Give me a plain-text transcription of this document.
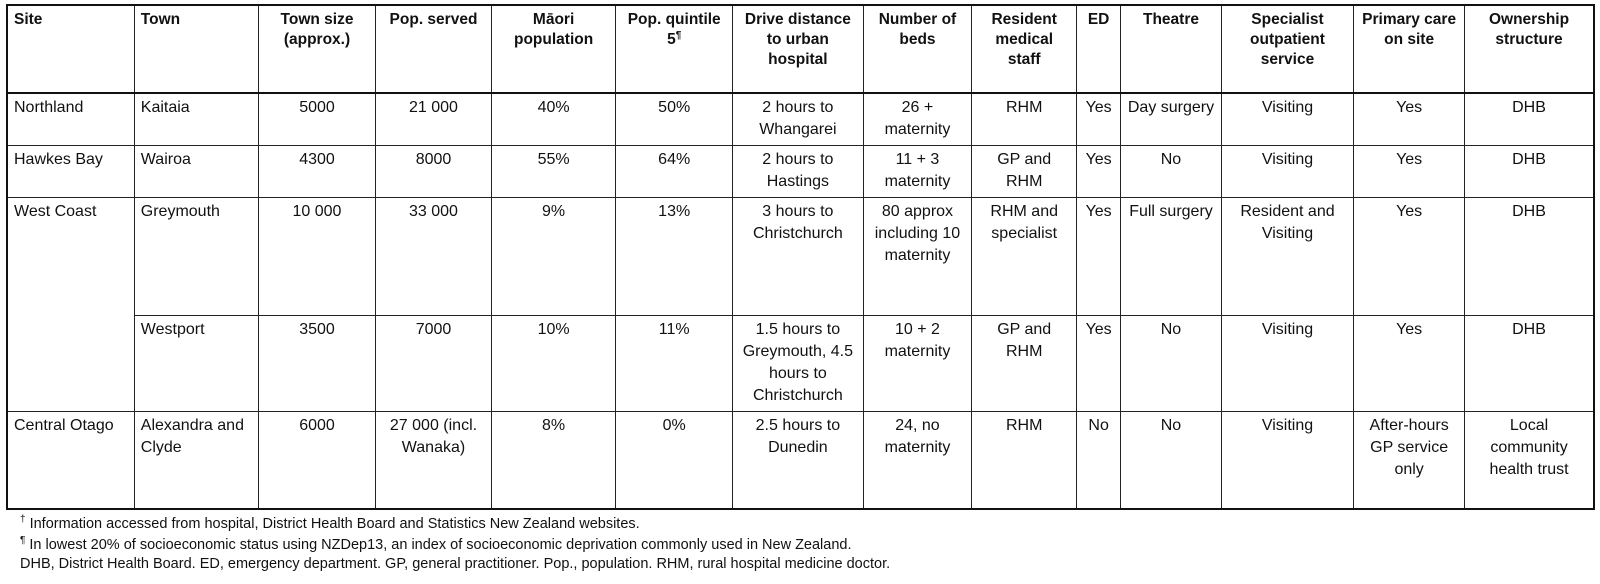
Site	Town	Town size (approx.)	Pop. served	Māori population	Pop. quintile 5¶	Drive distance to urban hospital	Number of beds	Resident medical staff	ED	Theatre	Specialist outpatient service	Primary care on site	Ownership structure
Northland	Kaitaia	5000	21 000	40%	50%	2 hours to Whangarei	26 + maternity	RHM	Yes	Day surgery	Visiting	Yes	DHB
Hawkes Bay	Wairoa	4300	8000	55%	64%	2 hours to Hastings	11 + 3 maternity	GP and RHM	Yes	No	Visiting	Yes	DHB
West Coast	Greymouth	10 000	33 000	9%	13%	3 hours to Christchurch	80 approx including 10 maternity	RHM and specialist	Yes	Full surgery	Resident and Visiting	Yes	DHB
	Westport	3500	7000	10%	11%	1.5 hours to Greymouth, 4.5 hours to Christchurch	10 + 2 maternity	GP and RHM	Yes	No	Visiting	Yes	DHB
Central Otago	Alexandra and Clyde	6000	27 000 (incl. Wanaka)	8%	0%	2.5 hours to Dunedin	24, no maternity	RHM	No	No	Visiting	After-hours GP service only	Local community health trust
† Information accessed from hospital, District Health Board and Statistics New Zealand websites.
¶ In lowest 20% of socioeconomic status using NZDep13, an index of socioeconomic deprivation commonly used in New Zealand.
DHB, District Health Board. ED, emergency department. GP, general practitioner. Pop., population. RHM, rural hospital medicine doctor.
